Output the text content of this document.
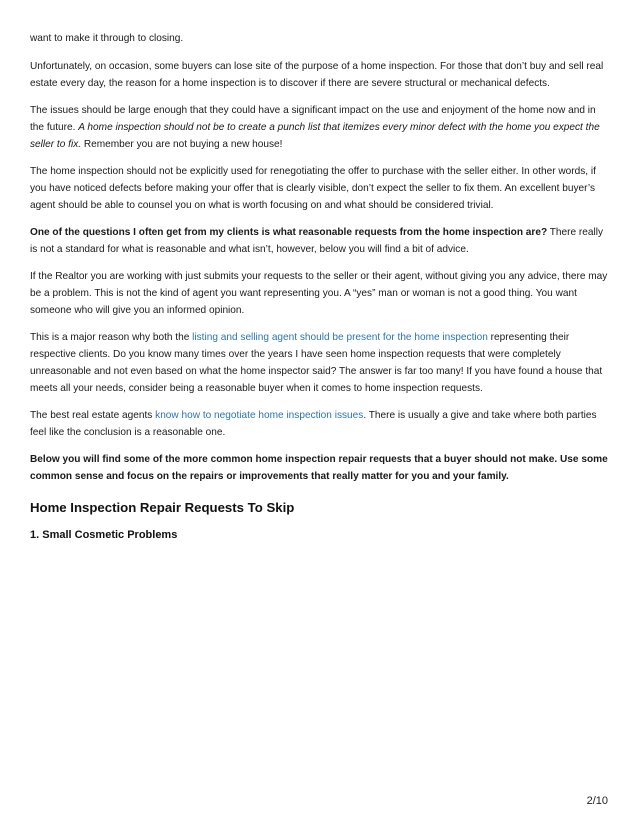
want to make it through to closing.

Unfortunately, on occasion, some buyers can lose site of the purpose of a home inspection. For those that don’t buy and sell real estate every day, the reason for a home inspection is to discover if there are severe structural or mechanical defects.

The issues should be large enough that they could have a significant impact on the use and enjoyment of the home now and in the future. A home inspection should not be to create a punch list that itemizes every minor defect with the home you expect the seller to fix. Remember you are not buying a new house!

The home inspection should not be explicitly used for renegotiating the offer to purchase with the seller either. In other words, if you have noticed defects before making your offer that is clearly visible, don’t expect the seller to fix them. An excellent buyer’s agent should be able to counsel you on what is worth focusing on and what should be considered trivial.

One of the questions I often get from my clients is what reasonable requests from the home inspection are? There really is not a standard for what is reasonable and what isn’t, however, below you will find a bit of advice.

If the Realtor you are working with just submits your requests to the seller or their agent, without giving you any advice, there may be a problem. This is not the kind of agent you want representing you. A “yes” man or woman is not a good thing. You want someone who will give you an informed opinion.

This is a major reason why both the listing and selling agent should be present for the home inspection representing their respective clients. Do you know many times over the years I have seen home inspection requests that were completely unreasonable and not even based on what the home inspector said? The answer is far too many! If you have found a house that meets all your needs, consider being a reasonable buyer when it comes to home inspection requests.

The best real estate agents know how to negotiate home inspection issues. There is usually a give and take where both parties feel like the conclusion is a reasonable one.

Below you will find some of the more common home inspection repair requests that a buyer should not make. Use some common sense and focus on the repairs or improvements that really matter for you and your family.

Home Inspection Repair Requests To Skip
1. Small Cosmetic Problems
2/10
